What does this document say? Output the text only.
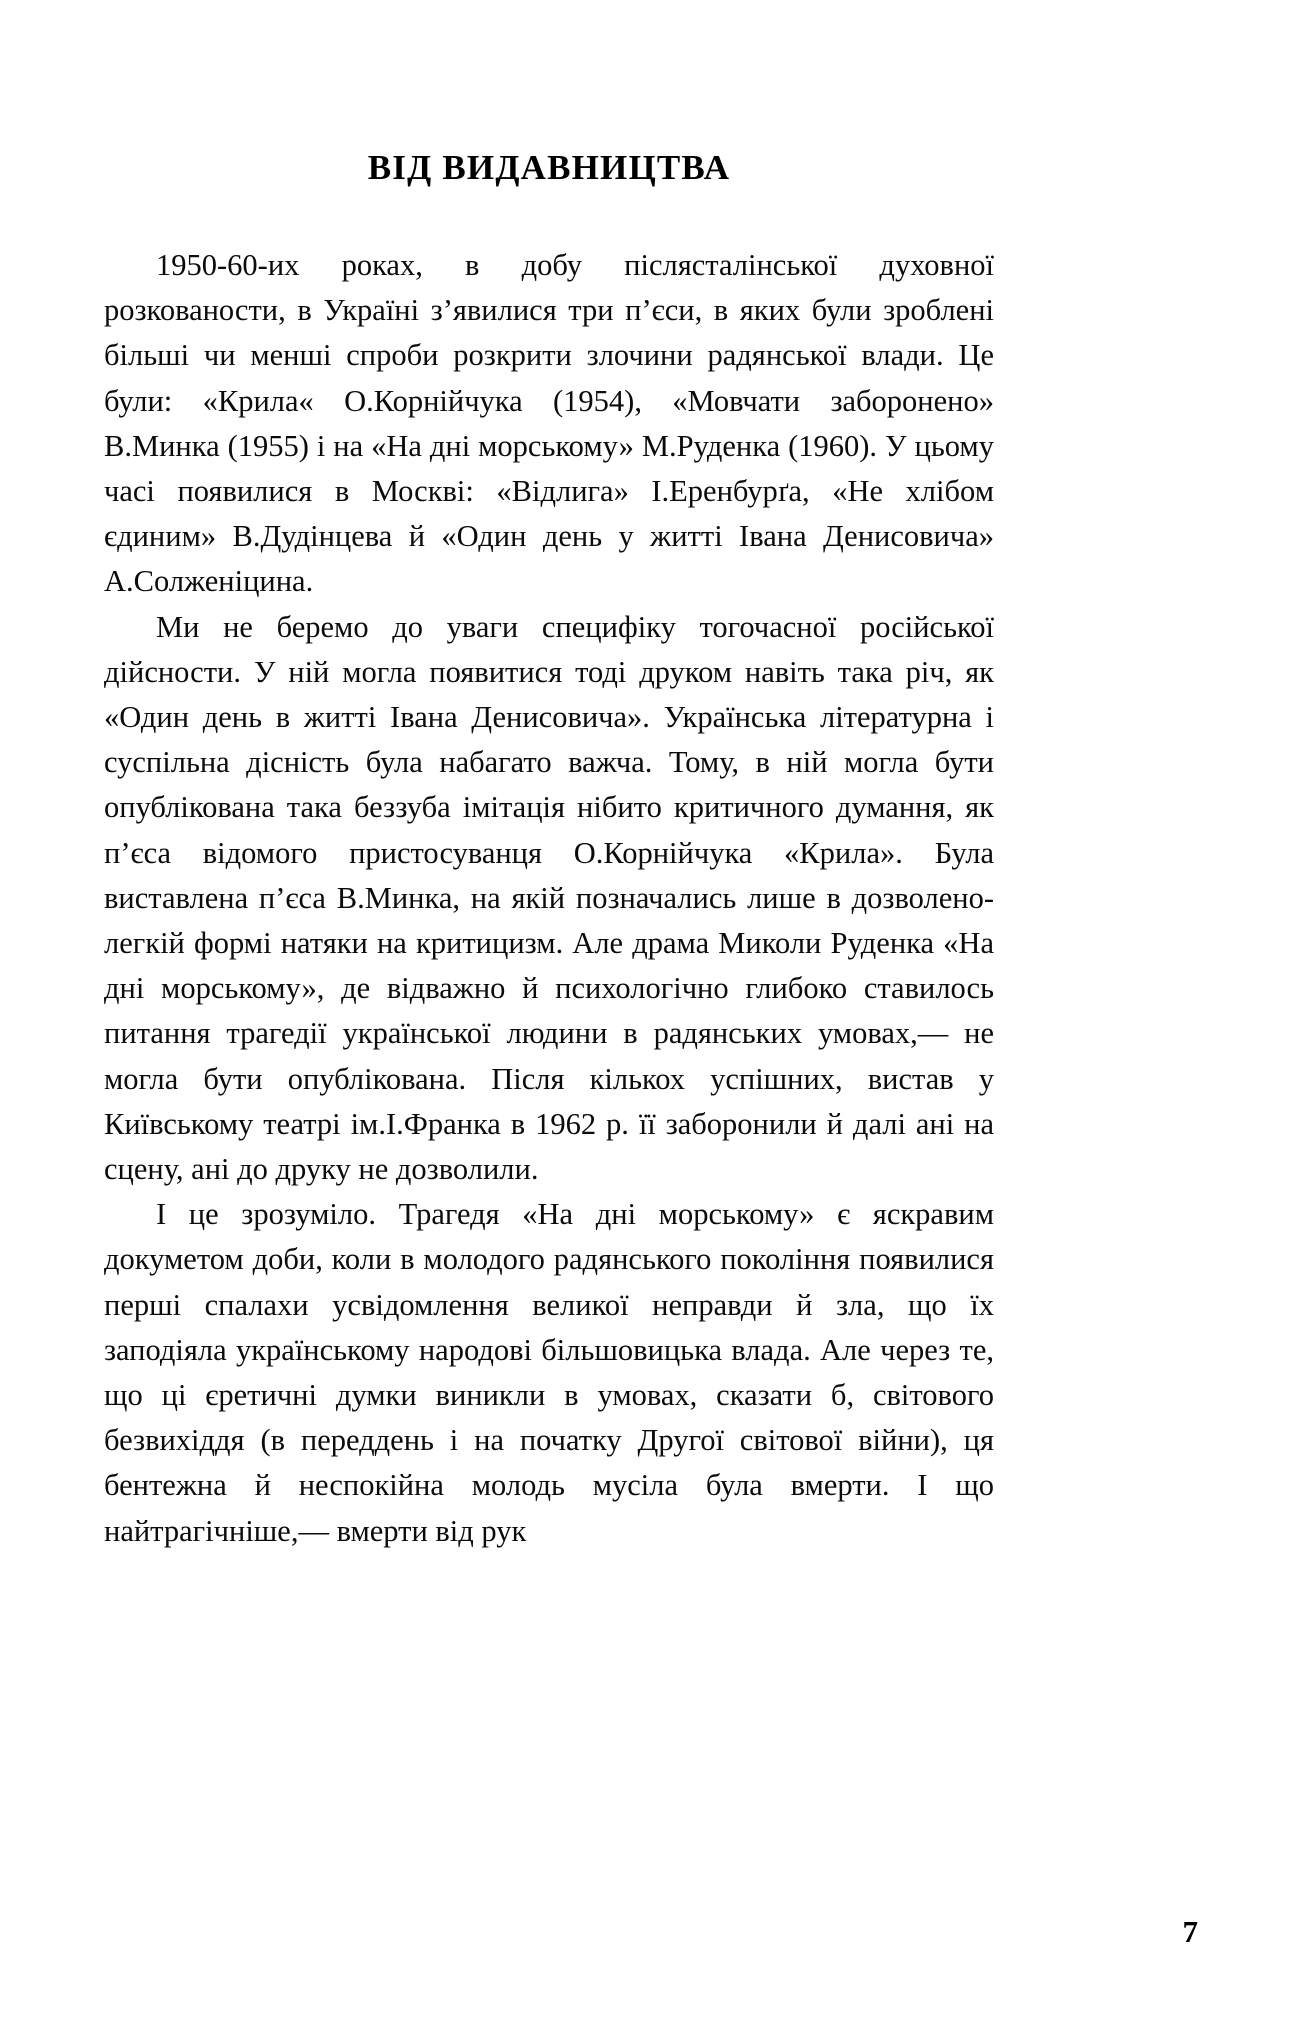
ВІД ВИДАВНИЦТВА

1950-60-их роках, в добу післясталінської духовної розкованости, в Україні з’явилися три п’єси, в яких були зроблені більші чи менші спроби розкрити злочини радянської влади. Це були: «Крила« О.Корнійчука (1954), «Мовчати заборонено» В.Минка (1955) і на «На дні морському» М.Руденка (1960). У цьому часі появилися в Москві: «Відлига» І.Еренбурґа, «Не хлібом єдиним» В.Дудінцева й «Один день у житті Івана Денисовича» А.Солженіцина.

Ми не беремо до уваги специфіку тогочасної російської дійсности. У ній могла появитися тоді друком навіть така річ, як «Один день в житті Івана Денисовича». Українська літературна і суспільна дісність була набагато важча. Тому, в ній могла бути опублікована така беззуба імітація нібито критичного думання, як п’єса відомого пристосуванця О.Корнійчука «Крила». Була виставлена п’єса В.Минка, на якій позначались лише в дозволено-легкій формі натяки на критицизм. Але драма Миколи Руденка «На дні морському», де відважно й психологічно глибоко ставилось питання трагедії української людини в радянських умовах,— не могла бути опублікована. Після кількох успішних, вистав у Київському театрі ім.І.Франка в 1962 р. її заборонили й далі ані на сцену, ані до друку не дозволили.

І це зрозуміло. Трагедя «На дні морському» є яскравим докуметом доби, коли в молодого радянського покоління появилися перші спалахи усвідомлення великої неправди й зла, що їх заподіяла українському народові більшовицька влада. Але через те, що ці єретичні думки виникли в умовах, сказати б, світового безвихіддя (в переддень і на початку Другої світової війни), ця бентежна й неспокійна молодь мусіла була вмерти. І що найтрагічніше,— вмерти від рук

7
